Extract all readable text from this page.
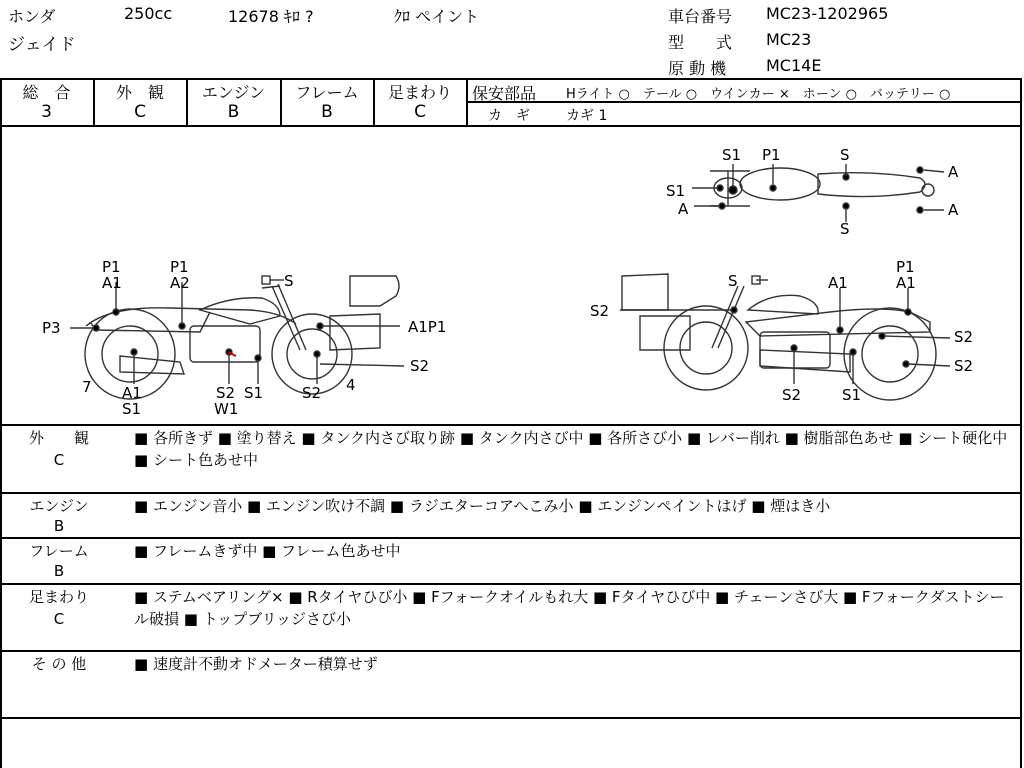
ホンダ	250cc	12678 ｷﾛ ?	ｸﾛ ペイント
ジェイド
車台番号 MC23-1202965
型　　式 MC23
原 動 機 MC14E
総　合
3
外　観
C
エンジン
B
フレーム
B
足まわり
C
保安部品 Hライト ○　テール ○　ウインカー ×　ホーン ○　バッテリー ○
カ　ギ	カギ 1
S1 P1	S
A
S1
A	A
S
P1
A1
P1
A2	S
P3	A1P1
S2
7 A1
S1
S2
W1
S1	S2 4
S
P1
A1	A1
S2
S2
S2
S2	S1
外　　観
C
■ 各所きず ■ 塗り替え ■ タンク内さび取り跡 ■ タンク内さび中 ■ 各所さび小 ■ レバー削れ ■ 樹脂部色あせ ■ シート硬化中 ■ シート色あせ中
エンジン
B
■ エンジン音小 ■ エンジン吹け不調 ■ ラジエターコアへこみ小 ■ エンジンペイントはげ ■ 煙はき小
フレーム
B
■ フレームきず中 ■ フレーム色あせ中
足まわり
C
■ ステムベアリング× ■ Rタイヤひび小 ■ Fフォークオイルもれ大 ■ Fタイヤひび中 ■ チェーンさび大 ■ Fフォークダストシール破損 ■ トップブリッジさび小
そ の 他	■ 速度計不動オドメーター積算せず
